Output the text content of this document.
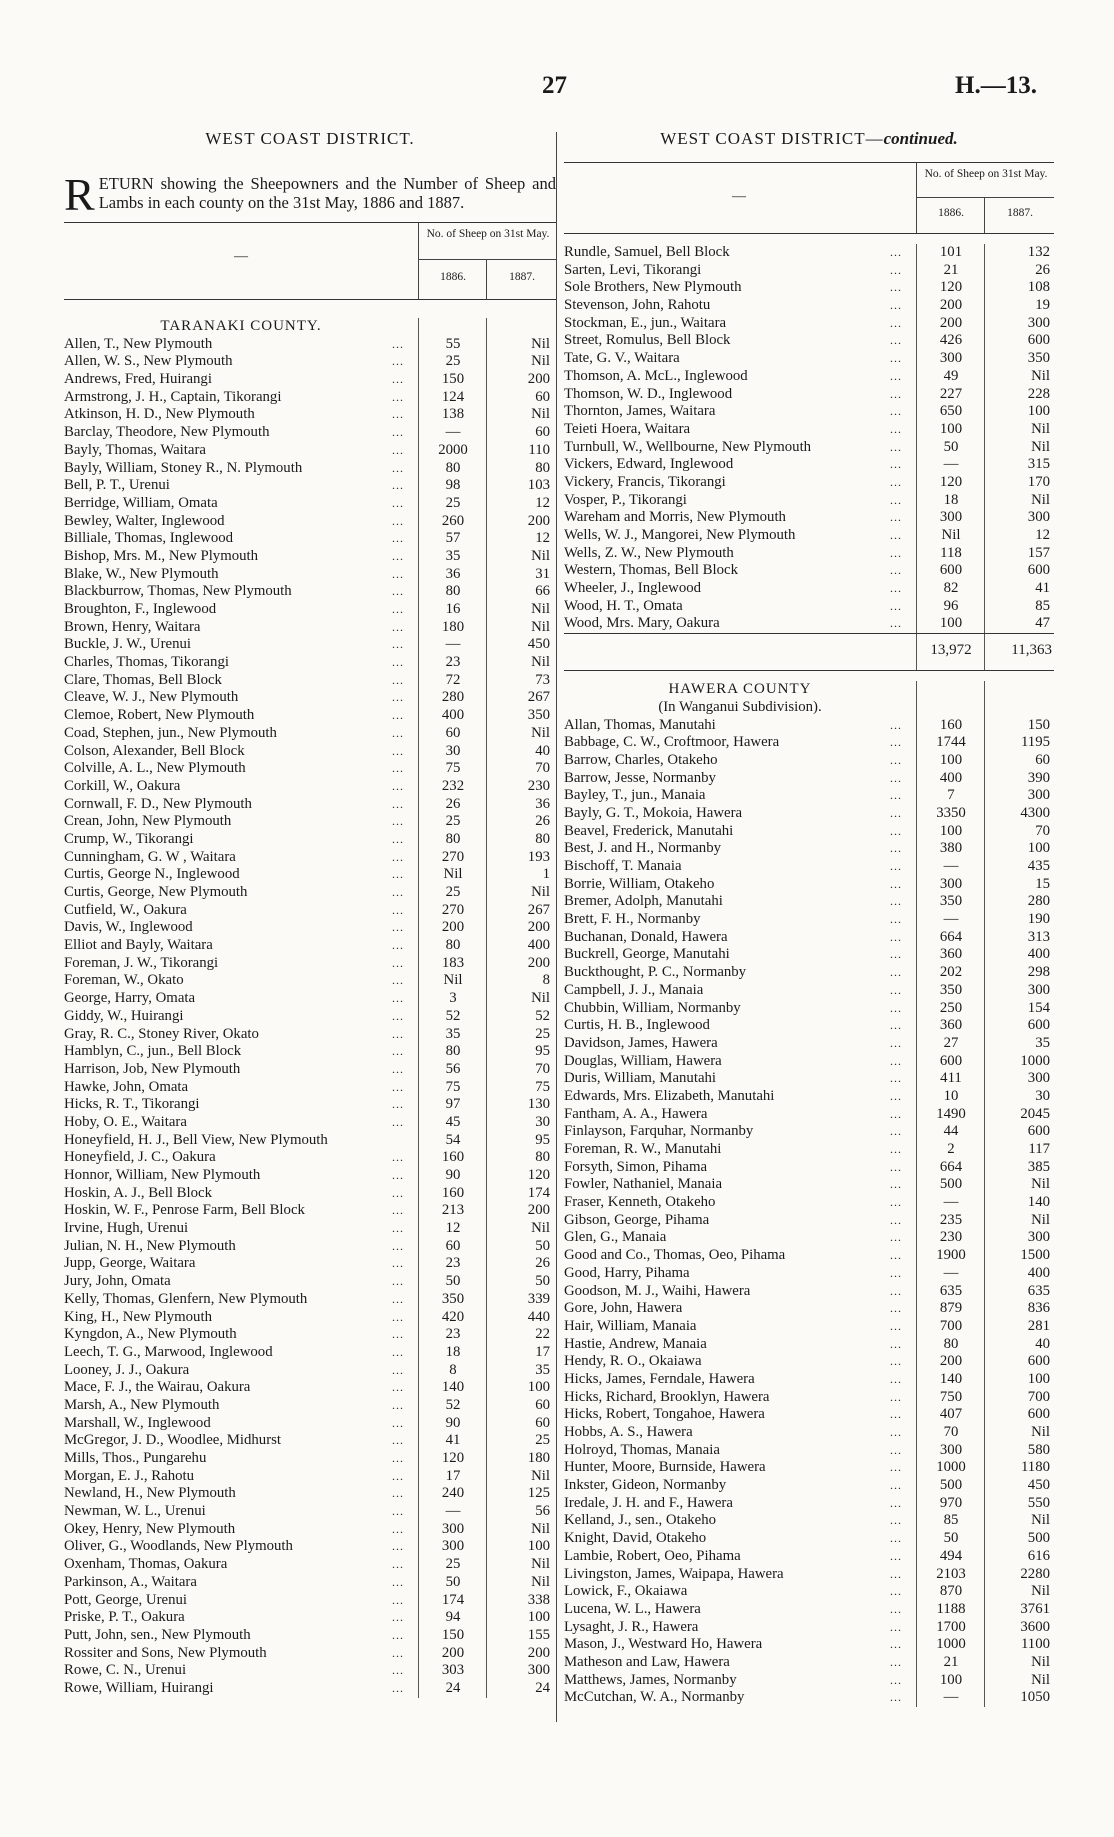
27	H.—13.
WEST COAST DISTRICT.
RETURN showing the Sheepowners and the Number of Sheep and Lambs in each county on the 31st May, 1886 and 1887.
—
No. of Sheep on 31st May.
1886.	1887.
TARANAKI COUNTY.
Allen, T., New Plymouth	...	55	Nil
Allen, W. S., New Plymouth	...	25	Nil
Andrews, Fred, Huirangi	...	150	200
Armstrong, J. H., Captain, Tikorangi	...	124	60
Atkinson, H. D., New Plymouth	...	138	Nil
Barclay, Theodore, New Plymouth	...	—	60
Bayly, Thomas, Waitara	...	2000	110
Bayly, William, Stoney R., N. Plymouth	...	80	80
Bell, P. T., Urenui	...	98	103
Berridge, William, Omata	...	25	12
Bewley, Walter, Inglewood	...	260	200
Billiale, Thomas, Inglewood	...	57	12
Bishop, Mrs. M., New Plymouth	...	35	Nil
Blake, W., New Plymouth	...	36	31
Blackburrow, Thomas, New Plymouth	...	80	66
Broughton, F., Inglewood	...	16	Nil
Brown, Henry, Waitara	...	180	Nil
Buckle, J. W., Urenui	...	—	450
Charles, Thomas, Tikorangi	...	23	Nil
Clare, Thomas, Bell Block	...	72	73
Cleave, W. J., New Plymouth	...	280	267
Clemoe, Robert, New Plymouth	...	400	350
Coad, Stephen, jun., New Plymouth	...	60	Nil
Colson, Alexander, Bell Block	...	30	40
Colville, A. L., New Plymouth	...	75	70
Corkill, W., Oakura	...	232	230
Cornwall, F. D., New Plymouth	...	26	36
Crean, John, New Plymouth	...	25	26
Crump, W., Tikorangi	...	80	80
Cunningham, G. W , Waitara	...	270	193
Curtis, George N., Inglewood	...	Nil	1
Curtis, George, New Plymouth	...	25	Nil
Cutfield, W., Oakura	...	270	267
Davis, W., Inglewood	...	200	200
Elliot and Bayly, Waitara	...	80	400
Foreman, J. W., Tikorangi	...	183	200
Foreman, W., Okato	...	Nil	8
George, Harry, Omata	...	3	Nil
Giddy, W., Huirangi	...	52	52
Gray, R. C., Stoney River, Okato	...	35	25
Hamblyn, C., jun., Bell Block	...	80	95
Harrison, Job, New Plymouth	...	56	70
Hawke, John, Omata	...	75	75
Hicks, R. T., Tikorangi	...	97	130
Hoby, O. E., Waitara	...	45	30
Honeyfield, H. J., Bell View, New Plymouth	54	95
Honeyfield, J. C., Oakura	...	160	80
Honnor, William, New Plymouth	...	90	120
Hoskin, A. J., Bell Block	...	160	174
Hoskin, W. F., Penrose Farm, Bell Block	...	213	200
Irvine, Hugh, Urenui	...	12	Nil
Julian, N. H., New Plymouth	...	60	50
Jupp, George, Waitara	...	23	26
Jury, John, Omata	...	50	50
Kelly, Thomas, Glenfern, New Plymouth	...	350	339
King, H., New Plymouth	...	420	440
Kyngdon, A., New Plymouth	...	23	22
Leech, T. G., Marwood, Inglewood	...	18	17
Looney, J. J., Oakura	...	8	35
Mace, F. J., the Wairau, Oakura	...	140	100
Marsh, A., New Plymouth	...	52	60
Marshall, W., Inglewood	...	90	60
McGregor, J. D., Woodlee, Midhurst	...	41	25
Mills, Thos., Pungarehu	...	120	180
Morgan, E. J., Rahotu	...	17	Nil
Newland, H., New Plymouth	...	240	125
Newman, W. L., Urenui	...	—	56
Okey, Henry, New Plymouth	...	300	Nil
Oliver, G., Woodlands, New Plymouth	...	300	100
Oxenham, Thomas, Oakura	...	25	Nil
Parkinson, A., Waitara	...	50	Nil
Pott, George, Urenui	...	174	338
Priske, P. T., Oakura	...	94	100
Putt, John, sen., New Plymouth	...	150	155
Rossiter and Sons, New Plymouth	...	200	200
Rowe, C. N., Urenui	...	303	300
Rowe, William, Huirangi	...	24	24
WEST COAST DISTRICT—continued.
—
No. of Sheep on 31st May.
1886.	1887.
Rundle, Samuel, Bell Block	...	101	132
Sarten, Levi, Tikorangi	...	21	26
Sole Brothers, New Plymouth	...	120	108
Stevenson, John, Rahotu	...	200	19
Stockman, E., jun., Waitara	...	200	300
Street, Romulus, Bell Block	...	426	600
Tate, G. V., Waitara	...	300	350
Thomson, A. McL., Inglewood	...	49	Nil
Thomson, W. D., Inglewood	...	227	228
Thornton, James, Waitara	...	650	100
Teieti Hoera, Waitara	...	100	Nil
Turnbull, W., Wellbourne, New Plymouth	...	50	Nil
Vickers, Edward, Inglewood	...	—	315
Vickery, Francis, Tikorangi	...	120	170
Vosper, P., Tikorangi	...	18	Nil
Wareham and Morris, New Plymouth	...	300	300
Wells, W. J., Mangorei, New Plymouth	...	Nil	12
Wells, Z. W., New Plymouth	...	118	157
Western, Thomas, Bell Block	...	600	600
Wheeler, J., Inglewood	...	82	41
Wood, H. T., Omata	...	96	85
Wood, Mrs. Mary, Oakura	...	100	47
13,972	11,363
HAWERA COUNTY
(In Wanganui Subdivision).
Allan, Thomas, Manutahi	...	160	150
Babbage, C. W., Croftmoor, Hawera	...	1744	1195
Barrow, Charles, Otakeho	...	100	60
Barrow, Jesse, Normanby	...	400	390
Bayley, T., jun., Manaia	...	7	300
Bayly, G. T., Mokoia, Hawera	...	3350	4300
Beavel, Frederick, Manutahi	...	100	70
Best, J. and H., Normanby	...	380	100
Bischoff, T. Manaia	...	—	435
Borrie, William, Otakeho	...	300	15
Bremer, Adolph, Manutahi	...	350	280
Brett, F. H., Normanby	...	—	190
Buchanan, Donald, Hawera	...	664	313
Buckrell, George, Manutahi	...	360	400
Buckthought, P. C., Normanby	...	202	298
Campbell, J. J., Manaia	...	350	300
Chubbin, William, Normanby	...	250	154
Curtis, H. B., Inglewood	...	360	600
Davidson, James, Hawera	...	27	35
Douglas, William, Hawera	...	600	1000
Duris, William, Manutahi	...	411	300
Edwards, Mrs. Elizabeth, Manutahi	...	10	30
Fantham, A. A., Hawera	...	1490	2045
Finlayson, Farquhar, Normanby	...	44	600
Foreman, R. W., Manutahi	...	2	117
Forsyth, Simon, Pihama	...	664	385
Fowler, Nathaniel, Manaia	...	500	Nil
Fraser, Kenneth, Otakeho	...	—	140
Gibson, George, Pihama	...	235	Nil
Glen, G., Manaia	...	230	300
Good and Co., Thomas, Oeo, Pihama	...	1900	1500
Good, Harry, Pihama	...	—	400
Goodson, M. J., Waihi, Hawera	...	635	635
Gore, John, Hawera	...	879	836
Hair, William, Manaia	...	700	281
Hastie, Andrew, Manaia	...	80	40
Hendy, R. O., Okaiawa	...	200	600
Hicks, James, Ferndale, Hawera	...	140	100
Hicks, Richard, Brooklyn, Hawera	...	750	700
Hicks, Robert, Tongahoe, Hawera	...	407	600
Hobbs, A. S., Hawera	...	70	Nil
Holroyd, Thomas, Manaia	...	300	580
Hunter, Moore, Burnside, Hawera	...	1000	1180
Inkster, Gideon, Normanby	...	500	450
Iredale, J. H. and F., Hawera	...	970	550
Kelland, J., sen., Otakeho	...	85	Nil
Knight, David, Otakeho	...	50	500
Lambie, Robert, Oeo, Pihama	...	494	616
Livingston, James, Waipapa, Hawera	...	2103	2280
Lowick, F., Okaiawa	...	870	Nil
Lucena, W. L., Hawera	...	1188	3761
Lysaght, J. R., Hawera	...	1700	3600
Mason, J., Westward Ho, Hawera	...	1000	1100
Matheson and Law, Hawera	...	21	Nil
Matthews, James, Normanby	...	100	Nil
McCutchan, W. A., Normanby	...	—	1050
